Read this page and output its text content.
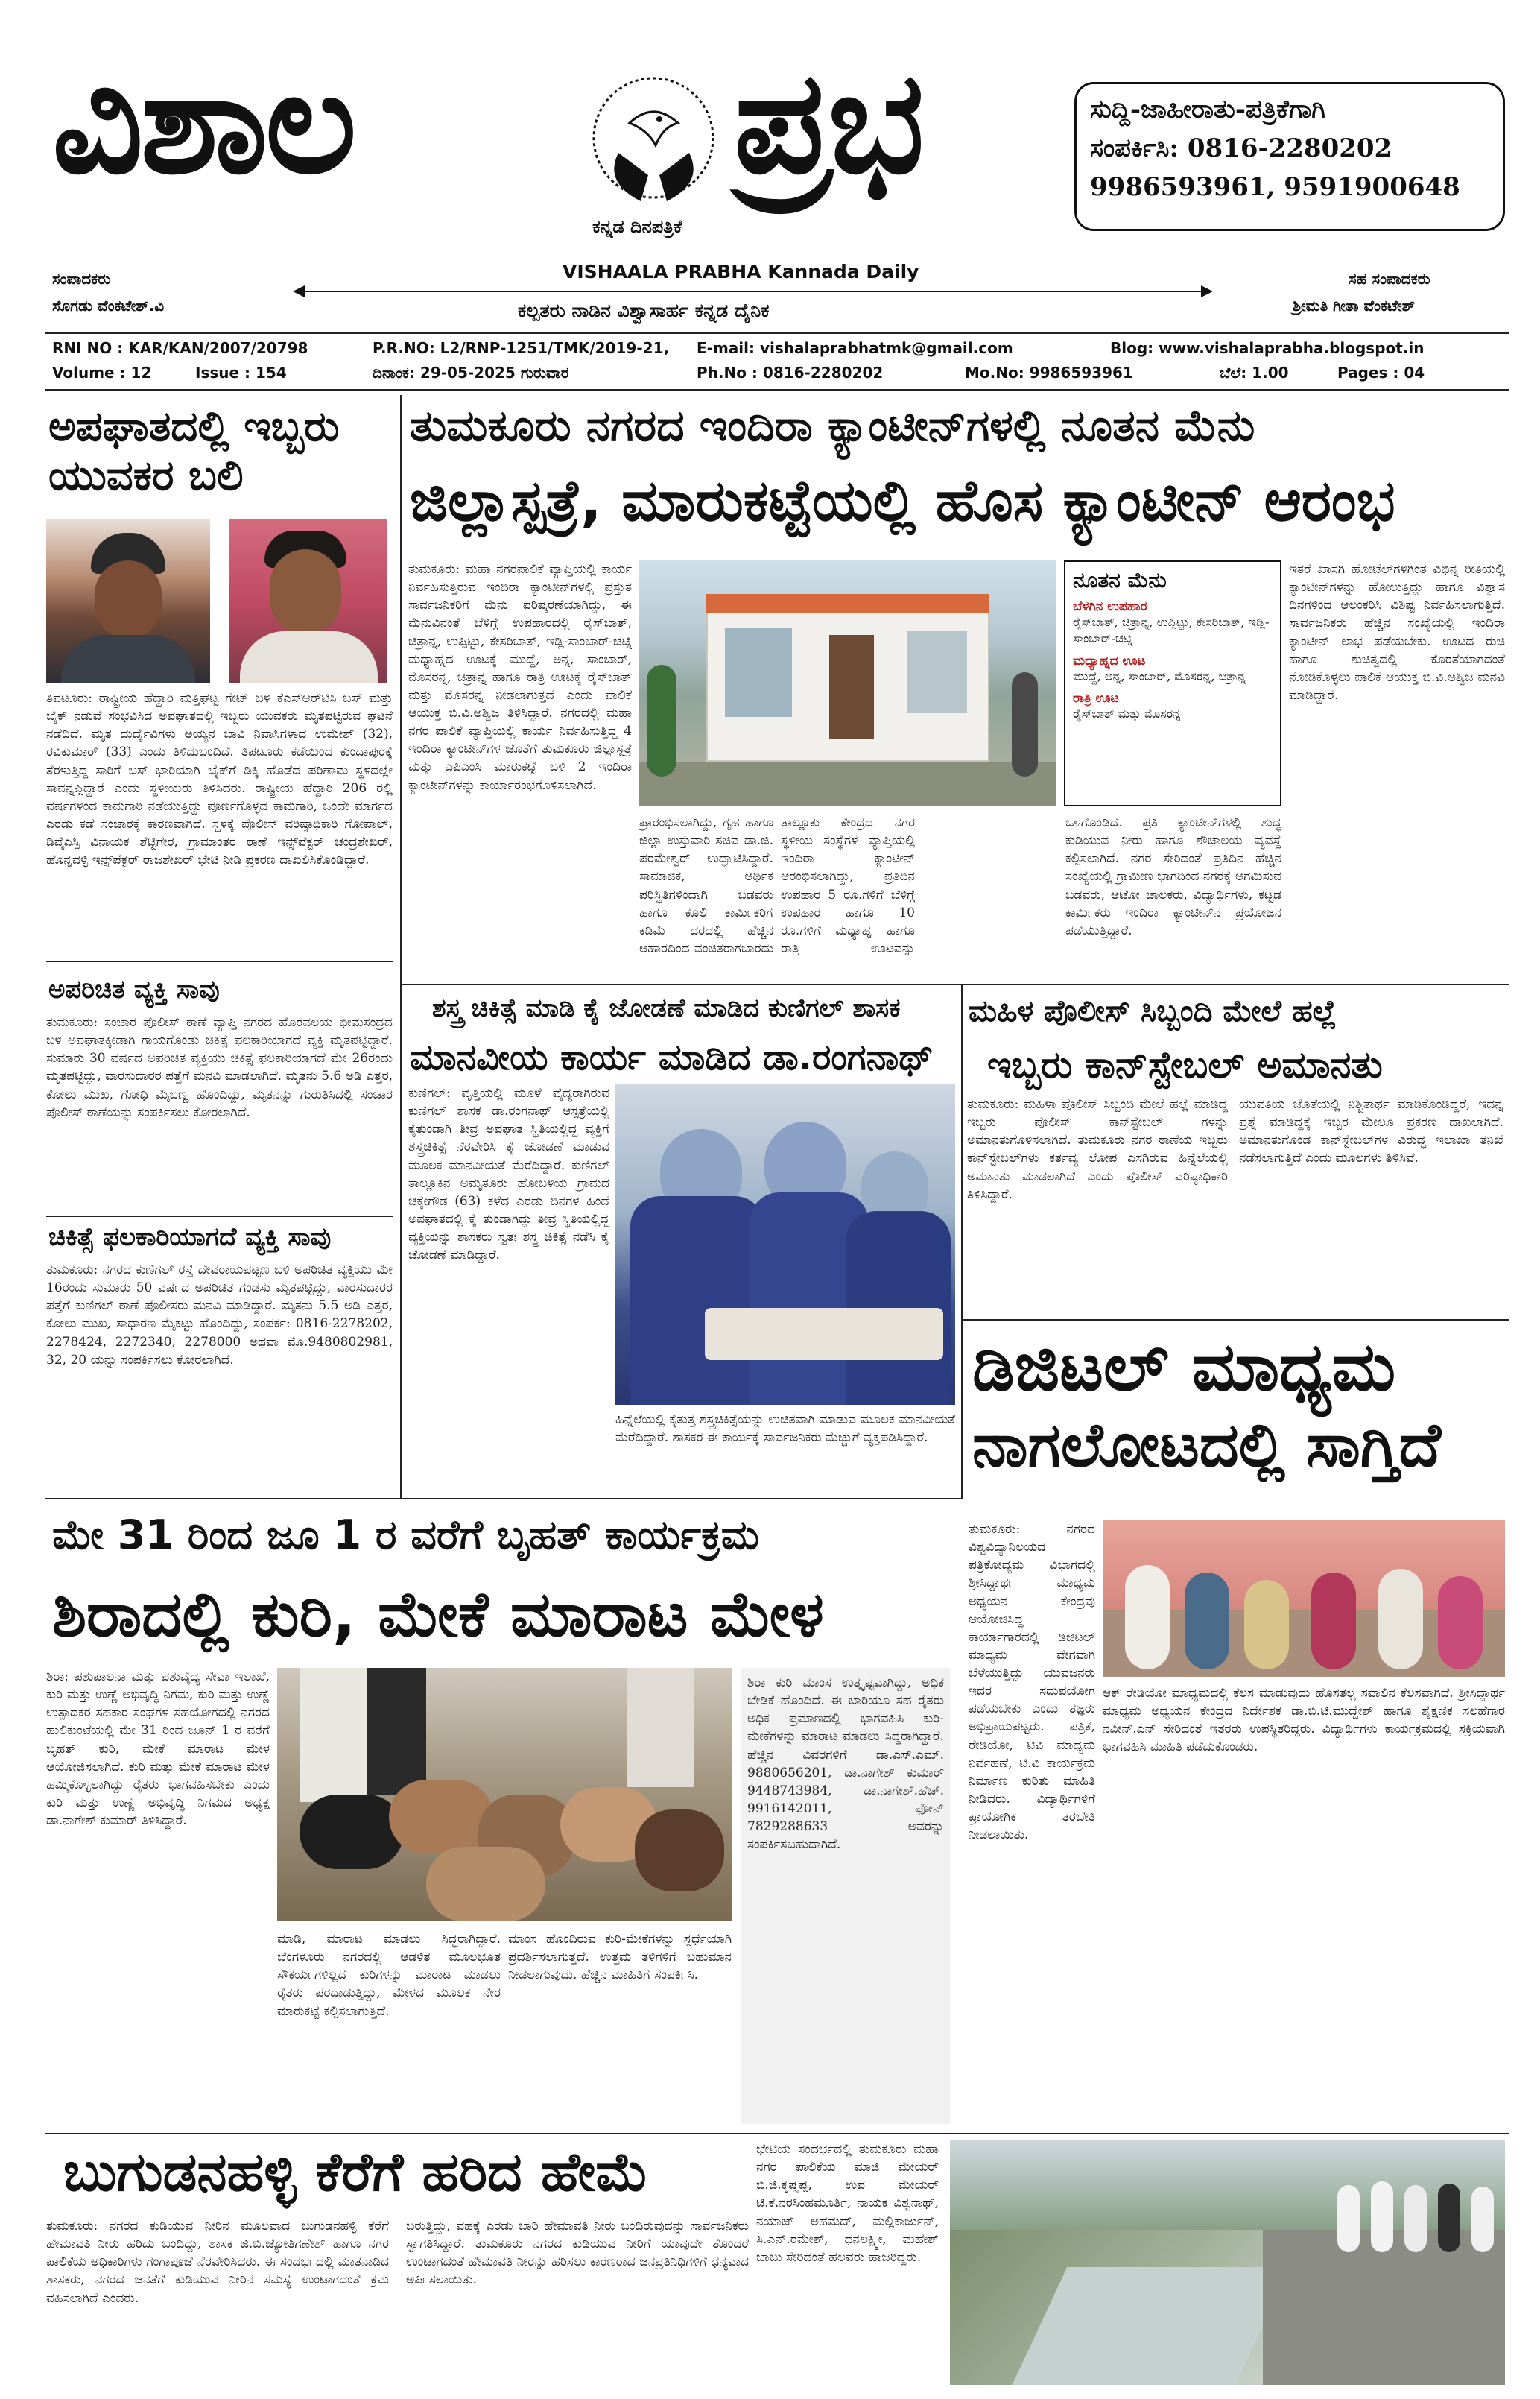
ವಿಶಾಲ	ಪ್ರಭ
ಕನ್ನಡ ದಿನಪತ್ರಿಕೆ
ಸುದ್ದಿ-ಜಾಹೀರಾತು-ಪತ್ರಿಕೆಗಾಗಿ
ಸಂಪರ್ಕಿಸಿ: 0816-2280202
9986593961, 9591900648
ಸಂಪಾದಕರು
ಸೊಗಡು ವೆಂಕಟೇಶ್.ವಿ
VISHAALA PRABHA Kannada Daily
ಕಲ್ಪತರು ನಾಡಿನ ವಿಶ್ವಾಸಾರ್ಹ ಕನ್ನಡ ದೈನಿಕ
ಸಹ ಸಂಪಾದಕರು
ಶ್ರೀಮತಿ ಗೀತಾ ವೆಂಕಟೇಶ್
RNI NO : KAR/KAN/2007/20798	P.R.NO: L2/RNP-1251/TMK/2019-21, E-mail: vishalaprabhatmk@gmail.com	Blog: www.vishalaprabha.blogspot.in
Volume : 12	Issue : 154	ದಿನಾಂಕ: 29-05-2025 ಗುರುವಾರ	Ph.No : 0816-2280202	Mo.No: 9986593961	ಬೆಲೆ: 1.00	Pages : 04
ಅಪಘಾತದಲ್ಲಿ ಇಬ್ಬರು ಯುವಕರ ಬಲಿ
ತಿಪಟೂರು: ರಾಷ್ಟ್ರೀಯ ಹೆದ್ದಾರಿ ಮತ್ತಿಘಟ್ಟ ಗೇಟ್ ಬಳಿ ಕೆಎಸ್‌ಆರ್‌ಟಿಸಿ ಬಸ್ ಮತ್ತು ಬೈಕ್ ನಡುವೆ ಸಂಭವಿಸಿದ ಅಪಘಾತದಲ್ಲಿ ಇಬ್ಬರು ಯುವಕರು ಮೃತಪಟ್ಟಿರುವ ಘಟನೆ ನಡೆದಿದೆ. ಮೃತ ದುರ್ದೈವಿಗಳು ಅಯ್ಯನ ಬಾವಿ ನಿವಾಸಿಗಳಾದ ಉಮೇಶ್ (32), ರವಿಕುಮಾರ್ (33) ಎಂದು ತಿಳಿದುಬಂದಿದೆ. ತಿಪಟೂರು ಕಡೆಯಿಂದ ಕುಂದಾಪುರಕ್ಕೆ ತೆರಳುತ್ತಿದ್ದ ಸಾರಿಗೆ ಬಸ್ ಭಾರಿಯಾಗಿ ಬೈಕ್‌ಗೆ ಡಿಕ್ಕಿ ಹೊಡೆದ ಪರಿಣಾಮ ಸ್ಥಳದಲ್ಲೇ ಸಾವನ್ನಪ್ಪಿದ್ದಾರೆ ಎಂದು ಸ್ಥಳೀಯರು ತಿಳಿಸಿದರು. ರಾಷ್ಟ್ರೀಯ ಹೆದ್ದಾರಿ 206 ರಲ್ಲಿ ವರ್ಷಗಳಿಂದ ಕಾಮಗಾರಿ ನಡೆಯುತ್ತಿದ್ದು ಪೂರ್ಣಗೊಳ್ಳದ ಕಾಮಗಾರಿ, ಒಂದೇ ಮಾರ್ಗದ ಎರಡು ಕಡೆ ಸಂಚಾರಕ್ಕೆ ಕಾರಣವಾಗಿದೆ. ಸ್ಥಳಕ್ಕೆ ಪೊಲೀಸ್ ವರಿಷ್ಠಾಧಿಕಾರಿ ಗೋಪಾಲ್, ಡಿವೈಎಸ್ಪಿ ವಿನಾಯಕ ಶೆಟ್ಟಿಗೇರ, ಗ್ರಾಮಾಂತರ ಠಾಣೆ ಇನ್ಸ್‌ಪೆಕ್ಟರ್ ಚಂದ್ರಶೇಖರ್, ಹೊನ್ನವಳ್ಳಿ ಇನ್ಸ್‌ಪೆಕ್ಟರ್ ರಾಜಶೇಖರ್ ಭೇಟಿ ನೀಡಿ ಪ್ರಕರಣ ದಾಖಲಿಸಿಕೊಂಡಿದ್ದಾರೆ.
ಅಪರಿಚಿತ ವ್ಯಕ್ತಿ ಸಾವು
ತುಮಕೂರು: ಸಂಚಾರ ಪೊಲೀಸ್ ಠಾಣೆ ವ್ಯಾಪ್ತಿ ನಗರದ ಹೊರವಲಯ ಭೀಮಸಂದ್ರದ ಬಳಿ ಅಪಘಾತಕ್ಕೀಡಾಗಿ ಗಾಯಗೊಂಡು ಚಿಕಿತ್ಸೆ ಫಲಕಾರಿಯಾಗದೆ ವ್ಯಕ್ತಿ ಮೃತಪಟ್ಟಿದ್ದಾರೆ. ಸುಮಾರು 30 ವರ್ಷದ ಅಪರಿಚಿತ ವ್ಯಕ್ತಿಯು ಚಿಕಿತ್ಸೆ ಫಲಕಾರಿಯಾಗದೆ ಮೇ 26ರಂದು ಮೃತಪಟ್ಟಿದ್ದು, ವಾರಸುದಾರರ ಪತ್ತೆಗೆ ಮನವಿ ಮಾಡಲಾಗಿದೆ. ಮೃತನು 5.6 ಅಡಿ ಎತ್ತರ, ಕೋಲು ಮುಖ, ಗೋಧಿ ಮೈಬಣ್ಣ ಹೊಂದಿದ್ದು, ಮೃತನನ್ನು ಗುರುತಿಸಿದಲ್ಲಿ ಸಂಚಾರ ಪೊಲೀಸ್ ಠಾಣೆಯನ್ನು ಸಂಪರ್ಕಿಸಲು ಕೋರಲಾಗಿದೆ.
ಚಿಕಿತ್ಸೆ ಫಲಕಾರಿಯಾಗದೆ ವ್ಯಕ್ತಿ ಸಾವು
ತುಮಕೂರು: ನಗರದ ಕುಣಿಗಲ್ ರಸ್ತೆ ದೇವರಾಯಪಟ್ಟಣ ಬಳಿ ಅಪರಿಚಿತ ವ್ಯಕ್ತಿಯು ಮೇ 16ರಂದು ಸುಮಾರು 50 ವರ್ಷದ ಅಪರಿಚಿತ ಗಂಡಸು ಮೃತಪಟ್ಟಿದ್ದು, ವಾರಸುದಾರರ ಪತ್ತೆಗೆ ಕುಣಿಗಲ್ ಠಾಣೆ ಪೊಲೀಸರು ಮನವಿ ಮಾಡಿದ್ದಾರೆ. ಮೃತನು 5.5 ಅಡಿ ಎತ್ತರ, ಕೋಲು ಮುಖ, ಸಾಧಾರಣ ಮೈಕಟ್ಟು ಹೊಂದಿದ್ದು, ಸಂಪರ್ಕ: 0816-2278202, 2278424, 2272340, 2278000 ಅಥವಾ ಮೊ.9480802981, 32, 20 ಯನ್ನು ಸಂಪರ್ಕಿಸಲು ಕೋರಲಾಗಿದೆ.
ತುಮಕೂರು ನಗರದ ಇಂದಿರಾ ಕ್ಯಾಂಟೀನ್‌ಗಳಲ್ಲಿ ನೂತನ ಮೆನು
ಜಿಲ್ಲಾಸ್ಪತ್ರೆ, ಮಾರುಕಟ್ಟೆಯಲ್ಲಿ ಹೊಸ ಕ್ಯಾಂಟೀನ್ ಆರಂಭ
ತುಮಕೂರು: ಮಹಾ ನಗರಪಾಲಿಕೆ ವ್ಯಾಪ್ತಿಯಲ್ಲಿ ಕಾರ್ಯ ನಿರ್ವಹಿಸುತ್ತಿರುವ ಇಂದಿರಾ ಕ್ಯಾಂಟೀನ್‌ಗಳಲ್ಲಿ ಪ್ರಸ್ತುತ ಸಾರ್ವಜನಿಕರಿಗೆ ಮೆನು ಪರಿಷ್ಕರಣೆಯಾಗಿದ್ದು, ಈ ಮೆನುವಿನಂತೆ ಬೆಳಿಗ್ಗೆ ಉಪಹಾರದಲ್ಲಿ ರೈಸ್‌ಬಾತ್, ಚಿತ್ರಾನ್ನ, ಉಪ್ಪಿಟ್ಟು, ಕೇಸರಿಬಾತ್, ಇಡ್ಲಿ-ಸಾಂಬಾರ್-ಚಟ್ನಿ ಮಧ್ಯಾಹ್ನದ ಊಟಕ್ಕೆ ಮುದ್ದೆ, ಅನ್ನ, ಸಾಂಬಾರ್, ಮೊಸರನ್ನ, ಚಿತ್ರಾನ್ನ ಹಾಗೂ ರಾತ್ರಿ ಊಟಕ್ಕೆ ರೈಸ್‌ಬಾತ್ ಮತ್ತು ಮೊಸರನ್ನ ನೀಡಲಾಗುತ್ತದೆ ಎಂದು ಪಾಲಿಕೆ ಆಯುಕ್ತ ಬಿ.ವಿ.ಅಶ್ವಿಜ ತಿಳಿಸಿದ್ದಾರೆ. ನಗರದಲ್ಲಿ ಮಹಾ ನಗರ ಪಾಲಿಕೆ ವ್ಯಾಪ್ತಿಯಲ್ಲಿ ಕಾರ್ಯ ನಿರ್ವಹಿಸುತ್ತಿದ್ದ 4 ಇಂದಿರಾ ಕ್ಯಾಂಟೀನ್‌ಗಳ ಜೊತೆಗೆ ತುಮಕೂರು ಜಿಲ್ಲಾಸ್ಪತ್ರೆ ಮತ್ತು ಎಪಿಎಂಸಿ ಮಾರುಕಟ್ಟೆ ಬಳಿ 2 ಇಂದಿರಾ ಕ್ಯಾಂಟೀನ್‌ಗಳನ್ನು ಕಾರ್ಯಾರಂಭಗೊಳಿಸಲಾಗಿದೆ.
ನೂತನ ಮೆನು
ಬೆಳಗಿನ ಉಪಹಾರ
ರೈಸ್‌ಬಾತ್, ಚಿತ್ರಾನ್ನ, ಉಪ್ಪಿಟ್ಟು, ಕೇಸರಿಬಾತ್, ಇಡ್ಲಿ-ಸಾಂಬಾರ್-ಚಟ್ನಿ
ಮಧ್ಯಾಹ್ನದ ಊಟ
ಮುದ್ದೆ, ಅನ್ನ, ಸಾಂಬಾರ್, ಮೊಸರನ್ನ, ಚಿತ್ರಾನ್ನ
ರಾತ್ರಿ ಊಟ
ರೈಸ್‌ಬಾತ್ ಮತ್ತು ಮೊಸರನ್ನ
ಇತರೆ ಖಾಸಗಿ ಹೋಟೆಲ್‌ಗಳಿಗಿಂತ ವಿಭಿನ್ನ ರೀತಿಯಲ್ಲಿ ಕ್ಯಾಂಟೀನ್‌ಗಳನ್ನು ಹೋಲುತ್ತಿದ್ದು ಹಾಗೂ ವಿಶ್ವಾಸ ದಿನಗಳಿಂದ ಆಲಂಕರಿಸಿ ವಿಶಿಷ್ಟ ನಿರ್ವಹಿಸಲಾಗುತ್ತಿದೆ. ಸಾರ್ವಜನಿಕರು ಹೆಚ್ಚಿನ ಸಂಖ್ಯೆಯಲ್ಲಿ ಇಂದಿರಾ ಕ್ಯಾಂಟೀನ್ ಲಾಭ ಪಡೆಯಬೇಕು. ಊಟದ ರುಚಿ ಹಾಗೂ ಶುಚಿತ್ವದಲ್ಲಿ ಕೊರತೆಯಾಗದಂತೆ ನೋಡಿಕೊಳ್ಳಲು ಪಾಲಿಕೆ ಆಯುಕ್ತ ಬಿ.ವಿ.ಅಶ್ವಿಜ ಮನವಿ ಮಾಡಿದ್ದಾರೆ.
ಪ್ರಾರಂಭಿಸಲಾಗಿದ್ದು, ಗೃಹ ಹಾಗೂ ಜಿಲ್ಲಾ ಉಸ್ತುವಾರಿ ಸಚಿವ ಡಾ.ಜಿ. ಪರಮೇಶ್ವರ್ ಉದ್ಘಾಟಿಸಿದ್ದಾರೆ. ಸಾಮಾಜಿಕ, ಆರ್ಥಿಕ ಪರಿಸ್ಥಿತಿಗಳಿಂದಾಗಿ ಬಡವರು ಹಾಗೂ ಕೂಲಿ ಕಾರ್ಮಿಕರಿಗೆ ಕಡಿಮೆ ದರದಲ್ಲಿ ಹೆಚ್ಚಿನ ಆಹಾರದಿಂದ ವಂಚಿತರಾಗಬಾರದು
ತಾಲ್ಲೂಕು ಕೇಂದ್ರದ ನಗರ ಸ್ಥಳೀಯ ಸಂಸ್ಥೆಗಳ ವ್ಯಾಪ್ತಿಯಲ್ಲಿ ಇಂದಿರಾ ಕ್ಯಾಂಟೀನ್ ಆರಂಭಿಸಲಾಗಿದ್ದು, ಪ್ರತಿದಿನ ಉಪಹಾರ 5 ರೂ.ಗಳಿಗೆ ಬೆಳಿಗ್ಗೆ ಉಪಹಾರ ಹಾಗೂ 10 ರೂ.ಗಳಿಗೆ ಮಧ್ಯಾಹ್ನ ಹಾಗೂ ರಾತ್ರಿ ಊಟವನ್ನು
ಒಳಗೊಂಡಿದೆ. ಪ್ರತಿ ಕ್ಯಾಂಟೀನ್‌ಗಳಲ್ಲಿ ಶುದ್ಧ ಕುಡಿಯುವ ನೀರು ಹಾಗೂ ಶೌಚಾಲಯ ವ್ಯವಸ್ಥೆ ಕಲ್ಪಿಸಲಾಗಿದೆ. ನಗರ ಸೇರಿದಂತೆ ಪ್ರತಿದಿನ ಹೆಚ್ಚಿನ ಸಂಖ್ಯೆಯಲ್ಲಿ ಗ್ರಾಮೀಣ ಭಾಗದಿಂದ ನಗರಕ್ಕೆ ಆಗಮಿಸುವ ಬಡವರು, ಆಟೋ ಚಾಲಕರು, ವಿದ್ಯಾರ್ಥಿಗಳು, ಕಟ್ಟಡ ಕಾರ್ಮಿಕರು ಇಂದಿರಾ ಕ್ಯಾಂಟೀನ್‌ನ ಪ್ರಯೋಜನ ಪಡೆಯುತ್ತಿದ್ದಾರೆ.
ಶಸ್ತ್ರ ಚಿಕಿತ್ಸೆ ಮಾಡಿ ಕೈ ಜೋಡಣೆ ಮಾಡಿದ ಕುಣಿಗಲ್ ಶಾಸಕ
ಮಾನವೀಯ ಕಾರ್ಯ ಮಾಡಿದ ಡಾ.ರಂಗನಾಥ್
ಕುಣಿಗಲ್: ವೃತ್ತಿಯಲ್ಲಿ ಮೂಳೆ ವೈದ್ಯರಾಗಿರುವ ಕುಣಿಗಲ್ ಶಾಸಕ ಡಾ.ರಂಗನಾಥ್ ಆಸ್ಪತ್ರೆಯಲ್ಲಿ ಕೈತುಂಡಾಗಿ ತೀವ್ರ ಅಪಘಾತ ಸ್ಥಿತಿಯಲ್ಲಿದ್ದ ವ್ಯಕ್ತಿಗೆ ಶಸ್ತ್ರಚಿಕಿತ್ಸೆ ನೆರವೇರಿಸಿ ಕೈ ಜೋಡಣೆ ಮಾಡುವ ಮೂಲಕ ಮಾನವೀಯತೆ ಮೆರೆದಿದ್ದಾರೆ. ಕುಣಿಗಲ್ ತಾಲ್ಲೂಕಿನ ಅಮೃತೂರು ಹೋಬಳಿಯ ಗ್ರಾಮದ ಚಿಕ್ಕೇಗೌಡ (63) ಕಳೆದ ಎರಡು ದಿನಗಳ ಹಿಂದೆ ಅಪಘಾತದಲ್ಲಿ ಕೈ ತುಂಡಾಗಿದ್ದು ತೀವ್ರ ಸ್ಥಿತಿಯಲ್ಲಿದ್ದ ವ್ಯಕ್ತಿಯನ್ನು ಶಾಸಕರು ಸ್ವತಃ ಶಸ್ತ್ರ ಚಿಕಿತ್ಸೆ ನಡೆಸಿ ಕೈ ಜೋಡಣೆ ಮಾಡಿದ್ದಾರೆ.
ಹಿನ್ನೆಲೆಯಲ್ಲಿ ಕೈತುತ್ತ ಶಸ್ತ್ರಚಿಕಿತ್ಸೆಯನ್ನು ಉಚಿತವಾಗಿ ಮಾಡುವ ಮೂಲಕ ಮಾನವೀಯತೆ ಮೆರೆದಿದ್ದಾರೆ. ಶಾಸಕರ ಈ ಕಾರ್ಯಕ್ಕೆ ಸಾರ್ವಜನಿಕರು ಮೆಚ್ಚುಗೆ ವ್ಯಕ್ತಪಡಿಸಿದ್ದಾರೆ.
ಮಹಿಳ ಪೊಲೀಸ್ ಸಿಬ್ಬಂದಿ ಮೇಲೆ ಹಲ್ಲೆ
ಇಬ್ಬರು ಕಾನ್‌ಸ್ಟೇಬಲ್ ಅಮಾನತು
ತುಮಕೂರು: ಮಹಿಳಾ ಪೊಲೀಸ್ ಸಿಬ್ಬಂದಿ ಮೇಲೆ ಹಲ್ಲೆ ಮಾಡಿದ್ದ ಇಬ್ಬರು ಪೊಲೀಸ್ ಕಾನ್‌ಸ್ಟೇಬಲ್ ಗಳನ್ನು ಅಮಾನತುಗೊಳಿಸಲಾಗಿದೆ. ತುಮಕೂರು ನಗರ ಠಾಣೆಯ ಇಬ್ಬರು ಕಾನ್‌ಸ್ಟೇಬಲ್‌ಗಳು ಕರ್ತವ್ಯ ಲೋಪ ಎಸಗಿರುವ ಹಿನ್ನೆಲೆಯಲ್ಲಿ ಅಮಾನತು ಮಾಡಲಾಗಿದೆ ಎಂದು ಪೊಲೀಸ್ ವರಿಷ್ಠಾಧಿಕಾರಿ ತಿಳಿಸಿದ್ದಾರೆ.
ಯುವತಿಯ ಜೊತೆಯಲ್ಲಿ ನಿಶ್ಚಿತಾರ್ಥ ಮಾಡಿಕೊಂಡಿದ್ದರೆ, ಇದನ್ನ ಪ್ರಶ್ನೆ ಮಾಡಿದ್ದಕ್ಕೆ ಇಬ್ಬರ ಮೇಲೂ ಪ್ರಕರಣ ದಾಖಲಾಗಿದೆ. ಅಮಾನತುಗೊಂಡ ಕಾನ್‌ಸ್ಟೇಬಲ್‌ಗಳ ವಿರುದ್ಧ ಇಲಾಖಾ ತನಿಖೆ ನಡೆಸಲಾಗುತ್ತಿದೆ ಎಂದು ಮೂಲಗಳು ತಿಳಿಸಿವೆ.
ಡಿಜಿಟಲ್ ಮಾಧ್ಯಮ
ನಾಗಲೋಟದಲ್ಲಿ ಸಾಗ್ತಿದೆ
ಮೇ 31 ರಿಂದ ಜೂ 1 ರ ವರೆಗೆ ಬೃಹತ್ ಕಾರ್ಯಕ್ರಮ
ಶಿರಾದಲ್ಲಿ ಕುರಿ, ಮೇಕೆ ಮಾರಾಟ ಮೇಳ
ಶಿರಾ: ಪಶುಪಾಲನಾ ಮತ್ತು ಪಶುವೈದ್ಯ ಸೇವಾ ಇಲಾಖೆ, ಕುರಿ ಮತ್ತು ಉಣ್ಣೆ ಅಭಿವೃದ್ಧಿ ನಿಗಮ, ಕುರಿ ಮತ್ತು ಉಣ್ಣೆ ಉತ್ಪಾದಕರ ಸಹಕಾರ ಸಂಘಗಳ ಸಹಯೋಗದಲ್ಲಿ ನಗರದ ಹುಲಿಕುಂಟೆಯಲ್ಲಿ ಮೇ 31 ರಿಂದ ಜೂನ್ 1 ರ ವರೆಗೆ ಬೃಹತ್ ಕುರಿ, ಮೇಕೆ ಮಾರಾಟ ಮೇಳ ಆಯೋಜಿಸಲಾಗಿದೆ. ಕುರಿ ಮತ್ತು ಮೇಕೆ ಮಾರಾಟ ಮೇಳ ಹಮ್ಮಿಕೊಳ್ಳಲಾಗಿದ್ದು ರೈತರು ಭಾಗವಹಿಸಬೇಕು ಎಂದು ಕುರಿ ಮತ್ತು ಉಣ್ಣೆ ಅಭಿವೃದ್ಧಿ ನಿಗಮದ ಅಧ್ಯಕ್ಷ ಡಾ.ನಾಗೇಶ್ ಕುಮಾರ್ ತಿಳಿಸಿದ್ದಾರೆ.
ಮಾಡಿ, ಮಾರಾಟ ಮಾಡಲು ಸಿದ್ಧರಾಗಿದ್ದಾರೆ. ಬೆಂಗಳೂರು ನಗರದಲ್ಲಿ ಆಡಳಿತ ಮೂಲಭೂತ ಸೌಕರ್ಯಗಳಿಲ್ಲದೆ ಕುರಿಗಳನ್ನು ಮಾರಾಟ ಮಾಡಲು ರೈತರು ಪರದಾಡುತ್ತಿದ್ದು, ಮೇಳದ ಮೂಲಕ ನೇರ ಮಾರುಕಟ್ಟೆ ಕಲ್ಪಿಸಲಾಗುತ್ತಿದೆ.
ಮಾಂಸ ಹೊಂದಿರುವ ಕುರಿ-ಮೇಕೆಗಳನ್ನು ಸ್ಪರ್ಧೆಯಾಗಿ ಪ್ರದರ್ಶಿಸಲಾಗುತ್ತದೆ. ಉತ್ತಮ ತಳಿಗಳಿಗೆ ಬಹುಮಾನ ನೀಡಲಾಗುವುದು. ಹೆಚ್ಚಿನ ಮಾಹಿತಿಗೆ ಸಂಪರ್ಕಿಸಿ.
ಶಿರಾ ಕುರಿ ಮಾಂಸ ಉತ್ಕೃಷ್ಟವಾಗಿದ್ದು, ಅಧಿಕ ಬೇಡಿಕೆ ಹೊಂದಿದೆ. ಈ ಬಾರಿಯೂ ಸಹ ರೈತರು ಅಧಿಕ ಪ್ರಮಾಣದಲ್ಲಿ ಭಾಗವಹಿಸಿ ಕುರಿ-ಮೇಕೆಗಳನ್ನು ಮಾರಾಟ ಮಾಡಲು ಸಿದ್ಧರಾಗಿದ್ದಾರೆ. ಹೆಚ್ಚಿನ ವಿವರಗಳಿಗೆ ಡಾ.ಎಸ್.ಎಮ್. 9880656201, ಡಾ.ನಾಗೇಶ್ ಕುಮಾರ್ 9448743984, ಡಾ.ನಾಗೇಶ್.ಹೆಚ್. 9916142011, ಫೋನ್ 7829288633 ಅವರನ್ನು ಸಂಪರ್ಕಿಸಬಹುದಾಗಿದೆ.
ತುಮಕೂರು: ನಗರದ ವಿಶ್ವವಿದ್ಯಾನಿಲಯದ ಪತ್ರಿಕೋದ್ಯಮ ವಿಭಾಗದಲ್ಲಿ ಶ್ರೀಸಿದ್ದಾರ್ಥ ಮಾಧ್ಯಮ ಅಧ್ಯಯನ ಕೇಂದ್ರವು ಆಯೋಜಿಸಿದ್ದ ಕಾರ್ಯಾಗಾರದಲ್ಲಿ ಡಿಜಿಟಲ್ ಮಾಧ್ಯಮ ವೇಗವಾಗಿ ಬೆಳೆಯುತ್ತಿದ್ದು ಯುವಜನರು ಇದರ ಸದುಪಯೋಗ ಪಡೆಯಬೇಕು ಎಂದು ತಜ್ಞರು ಅಭಿಪ್ರಾಯಪಟ್ಟರು. ಪತ್ರಿಕೆ, ರೇಡಿಯೋ, ಟಿವಿ ಮಾಧ್ಯಮ ನಿರ್ವಹಣೆ, ಟಿ.ವಿ ಕಾರ್ಯಕ್ರಮ ನಿರ್ಮಾಣ ಕುರಿತು ಮಾಹಿತಿ ನೀಡಿದರು. ವಿದ್ಯಾರ್ಥಿಗಳಿಗೆ ಪ್ರಾಯೋಗಿಕ ತರಬೇತಿ ನೀಡಲಾಯಿತು.
ಆಕ್ ರೇಡಿಯೋ ಮಾಧ್ಯಮದಲ್ಲಿ ಕೆಲಸ ಮಾಡುವುದು ಹೊಸತಲ್ಲ ಸವಾಲಿನ ಕೆಲಸವಾಗಿದೆ. ಶ್ರೀಸಿದ್ದಾರ್ಥ ಮಾಧ್ಯಮ ಅಧ್ಯಯನ ಕೇಂದ್ರದ ನಿರ್ದೇಶಕ ಡಾ.ಬಿ.ಟಿ.ಮುದ್ದೇಶ್ ಹಾಗೂ ಶೈಕ್ಷಣಿಕ ಸಲಹೆಗಾರ ನವೀನ್.ಎನ್ ಸೇರಿದಂತೆ ಇತರರು ಉಪಸ್ಥಿತರಿದ್ದರು. ವಿದ್ಯಾರ್ಥಿಗಳು ಕಾರ್ಯಕ್ರಮದಲ್ಲಿ ಸಕ್ರಿಯವಾಗಿ ಭಾಗವಹಿಸಿ ಮಾಹಿತಿ ಪಡೆದುಕೊಂಡರು.
ಬುಗುಡನಹಳ್ಳಿ ಕೆರೆಗೆ ಹರಿದ ಹೇಮೆ
ತುಮಕೂರು: ನಗರದ ಕುಡಿಯುವ ನೀರಿನ ಮೂಲವಾದ ಬುಗುಡನಹಳ್ಳಿ ಕೆರೆಗೆ ಹೇಮಾವತಿ ನೀರು ಹರಿದು ಬಂದಿದ್ದು, ಶಾಸಕ ಜಿ.ಬಿ.ಜ್ಯೋತಿಗಣೇಶ್ ಹಾಗೂ ನಗರ ಪಾಲಿಕೆಯ ಅಧಿಕಾರಿಗಳು ಗಂಗಾಪೂಜೆ ನೆರವೇರಿಸಿದರು. ಈ ಸಂದರ್ಭದಲ್ಲಿ ಮಾತನಾಡಿದ ಶಾಸಕರು, ನಗರದ ಜನತೆಗೆ ಕುಡಿಯುವ ನೀರಿನ ಸಮಸ್ಯೆ ಉಂಟಾಗದಂತೆ ಕ್ರಮ ವಹಿಸಲಾಗಿದೆ ಎಂದರು.
ಬರುತ್ತಿದ್ದು, ವಹಕ್ಕೆ ಎರಡು ಬಾರಿ ಹೇಮಾವತಿ ನೀರು ಬಂದಿರುವುದನ್ನು ಸಾರ್ವಜನಿಕರು ಸ್ವಾಗತಿಸಿದ್ದಾರೆ. ತುಮಕೂರು ನಗರದ ಕುಡಿಯುವ ನೀರಿಗೆ ಯಾವುದೇ ತೊಂದರೆ ಉಂಟಾಗದಂತೆ ಹೇಮಾವತಿ ನೀರನ್ನು ಹರಿಸಲು ಕಾರಣರಾದ ಜನಪ್ರತಿನಿಧಿಗಳಿಗೆ ಧನ್ಯವಾದ ಅರ್ಪಿಸಲಾಯಿತು.
ಭೇಟಿಯ ಸಂದರ್ಭದಲ್ಲಿ ತುಮಕೂರು ಮಹಾ ನಗರ ಪಾಲಿಕೆಯ ಮಾಜಿ ಮೇಯರ್ ಬಿ.ಜಿ.ಕೃಷ್ಣಪ್ಪ, ಉಪ ಮೇಯರ್ ಟಿ.ಕೆ.ನರಸಿಂಹಮೂರ್ತಿ, ನಾಯಕ ವಿಶ್ವನಾಥ್, ನಯಾಜ್ ಅಹಮದ್, ಮಲ್ಲಿಕಾರ್ಜುನ್, ಸಿ.ಎನ್.ರಮೇಶ್, ಧನಲಕ್ಷ್ಮೀ, ಮಹೇಶ್ ಬಾಬು ಸೇರಿದಂತೆ ಹಲವರು ಹಾಜರಿದ್ದರು.
